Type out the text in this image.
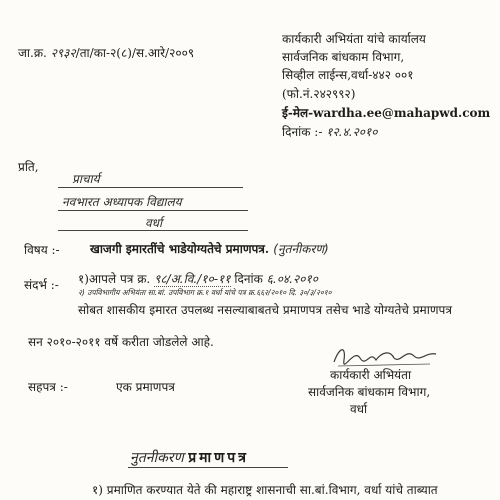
जा.क्र. २९३२/ता/का-२(८)/स.आरे/२००९
कार्यकारी अभियंता यांचे कार्यालय
सार्वजनिक बांधकाम विभाग,
सिव्हील लाईन्स,वर्धा-४४२ ००१
(फो.नं.२४२९९२)
ई-मेल-wardha.ee@mahapwd.com
दिनांक :- १२.४.२०१०
प्रति,
प्राचार्य
नवभारत अध्यापक विद्यालय
वर्धा
विषय :-	खाजगी इमारतींचे भाडेयोग्यतेचे प्रमाणपत्र. (नुतनीकरण)
संदर्भ :- १)आपले पत्र क्र. ९८/अ.वि./१०-११ दिनांक ६.०४.२०१०
२) उपविभागीय अभियंता सा.बां. उपविभाग क्र.१ वर्धा यांचे पत्र क्र.६६२/२०१० दि. ३०/३/२०१०
सोबत शासकीय इमारत उपलब्ध नसल्याबाबतचे प्रमाणपत्र तसेच भाडे योग्यतेचे प्रमाणपत्र
सन २०१०-२०११ वर्षे करीता जोडलेले आहे.
कार्यकारी अभियंता
सार्वजनिक बांधकाम विभाग,
वर्धा
सहपत्र :-	एक प्रमाणपत्र
नुतनीकरण प्रमाणपत्र
१) प्रमाणित करण्यात येते की महाराष्ट्र शासनाची सा.बां.विभाग, वर्धा यांचे ताब्यात
